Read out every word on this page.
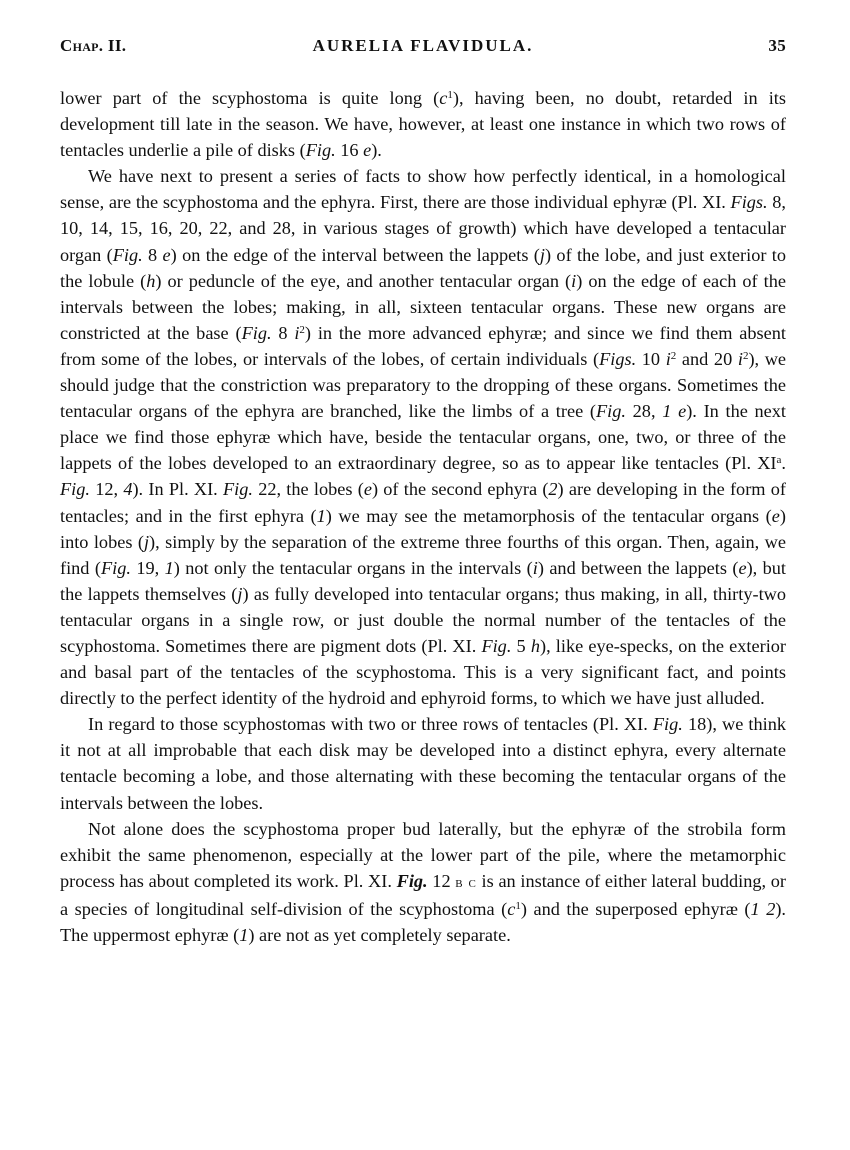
Chap. II.	AURELIA FLAVIDULA.	35

lower part of the scyphostoma is quite long $(c^1)$, having been, no doubt, retarded in its development till late in the season. We have, however, at least one instance in which two rows of tentacles underlie a pile of disks (Fig. 16 e).

We have next to present a series of facts to show how perfectly identical, in a homological sense, are the scyphostoma and the ephyra. First, there are those individual ephyræ (Pl. XI. Figs. 8, 10, 14, 15, 16, 20, 22, and 28, in various stages of growth) which have developed a tentacular organ (Fig. 8 e) on the edge of the interval between the lappets (j) of the lobe, and just exterior to the lobule (h) or peduncle of the eye, and another tentacular organ (i) on the edge of each of the intervals between the lobes; making, in all, sixteen tentacular organs. These new organs are constricted at the base (Fig. 8 $i^2$) in the more advanced ephyræ; and since we find them absent from some of the lobes, or intervals of the lobes, of certain individuals (Figs. 10 $i^2$ and 20 $i^2$), we should judge that the constriction was preparatory to the dropping of these organs. Sometimes the tentacular organs of the ephyra are branched, like the limbs of a tree (Fig. 28, 1 e). In the next place we find those ephyræ which have, beside the tentacular organs, one, two, or three of the lappets of the lobes developed to an extraordinary degree, so as to appear like tentacles (Pl. $XI^a$. Fig. 12, 4). In Pl. XI. Fig. 22, the lobes (e) of the second ephyra (2) are developing in the form of tentacles; and in the first ephyra (1) we may see the metamorphosis of the tentacular organs (e) into lobes (j), simply by the separation of the extreme three fourths of this organ. Then, again, we find (Fig. 19, 1) not only the tentacular organs in the intervals (i) and between the lappets (e), but the lappets themselves (j) as fully developed into tentacular organs; thus making, in all, thirty-two tentacular organs in a single row, or just double the normal number of the tentacles of the scyphostoma. Sometimes there are pigment dots (Pl. XI. Fig. 5 h), like eye-specks, on the exterior and basal part of the tentacles of the scyphostoma. This is a very significant fact, and points directly to the perfect identity of the hydroid and ephyroid forms, to which we have just alluded.

In regard to those scyphostomas with two or three rows of tentacles (Pl. XI. Fig. 18), we think it not at all improbable that each disk may be developed into a distinct ephyra, every alternate tentacle becoming a lobe, and those alternating with these becoming the tentacular organs of the intervals between the lobes.

Not alone does the scyphostoma proper bud laterally, but the ephyræ of the strobila form exhibit the same phenomenon, especially at the lower part of the pile, where the metamorphic process has about completed its work. Pl. XI. Fig. 12 b c is an instance of either lateral budding, or a species of longitudinal self-division of the scyphostoma $(c^1)$ and the superposed ephyræ (1 2). The uppermost ephyræ (1) are not as yet completely separate.
